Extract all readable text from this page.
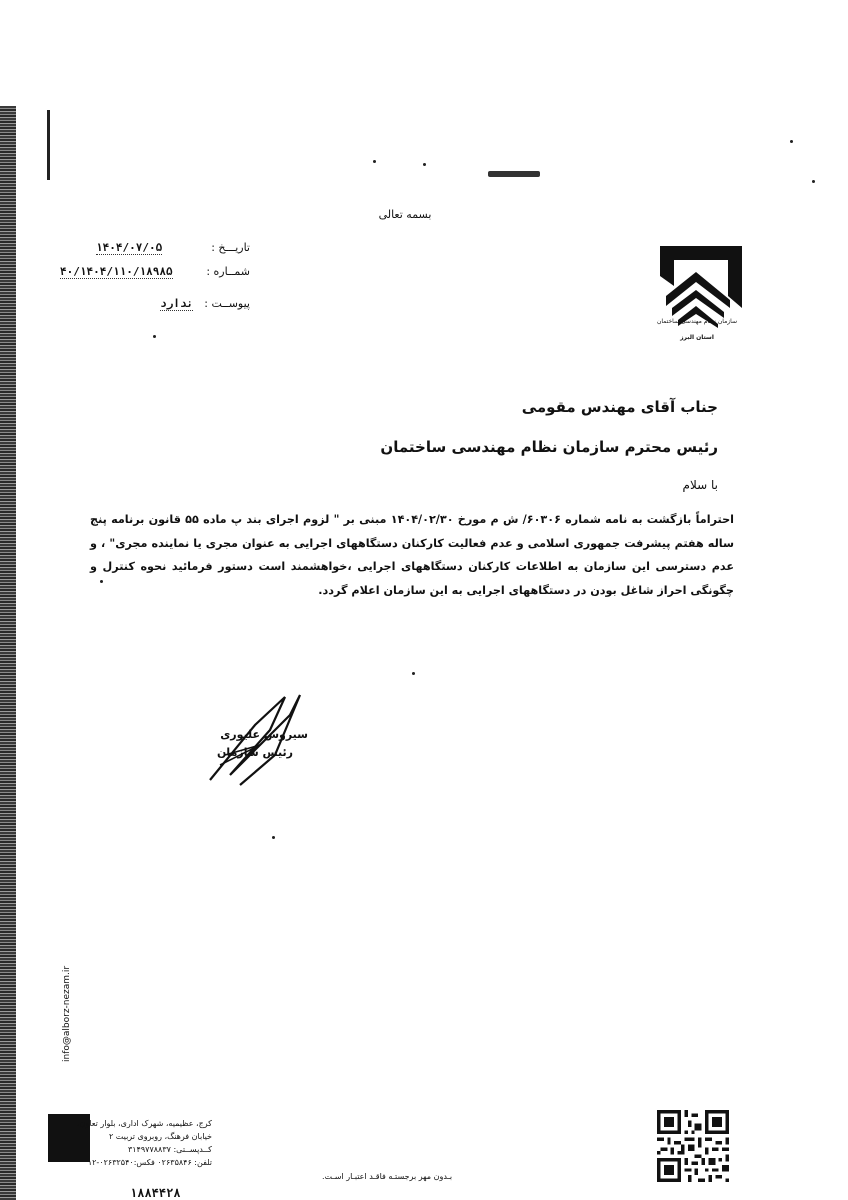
بسمه تعالی
تاریـــخ :
۱۴۰۴/۰۷/۰۵
شمــاره :
۴۰/۱۴۰۴/۱۱۰/۱۸۹۸۵
پیوســت :
ندارد
سازمان نظام مهندسی ساختمان
استان البرز
جناب آقای مهندس مقومی
رئیس محترم سازمان نظام مهندسی ساختمان
با سلام
احتراماً بازگشت به نامه شماره ۶۰۳۰۶/ ش م مورخ ۱۴۰۴/۰۲/۳۰ مبنی بر " لزوم اجرای بند پ ماده ۵۵ قانون برنامه پنج ساله هفتم پیشرفت جمهوری اسلامی و عدم فعالیت کارکنان دستگاههای اجرایی به عنوان مجری یا نماینده مجری" ، و عدم دسترسی این سازمان به اطلاعات کارکنان دستگاههای اجرایی ،خواهشمند است دستور فرمائید نحوه کنترل و چگونگی احراز شاغل بودن در دستگاههای اجرایی به این سازمان اعلام گردد.
سیروس علیوری
رئیس سازمان
info@alborz-nezam.ir
کرج، عظیمیه، شهرک اداری، بلوار تعاون،
خیابان فرهنگ، روبروی تربیت ۲
کــدپســتی: ۳۱۴۹۷۷۸۸۳۷
تلفن: ۰۲۶۳۵۸۴۶ فکس:۰۲۶۳۲۵۴۰-۱۲
۱۸۸۴۴۲۸
بـدون مهر برجستـه فاقـد اعتبـار اسـت.
